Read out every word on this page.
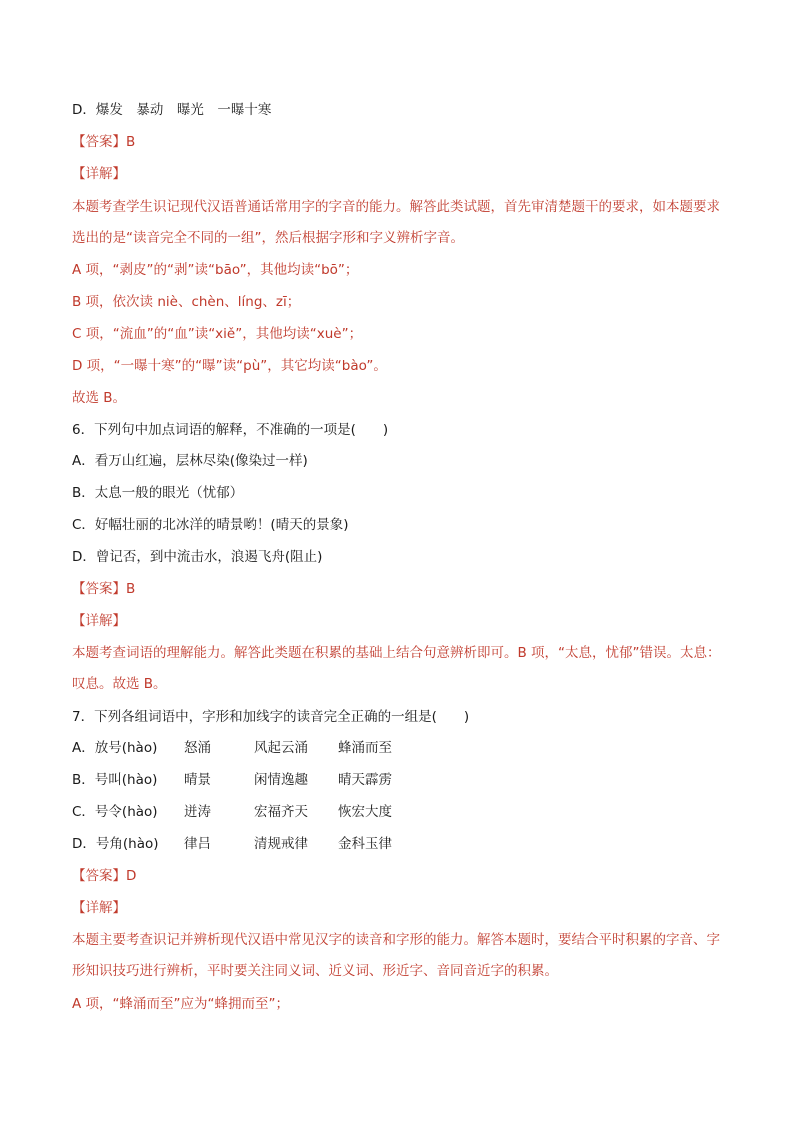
D．爆发　暴动　曝光　一曝十寒
【答案】B
【详解】
本题考查学生识记现代汉语普通话常用字的字音的能力。解答此类试题，首先审清楚题干的要求，如本题要求选出的是“读音完全不同的一组”，然后根据字形和字义辨析字音。
A 项，“剥皮”的“剥”读“bāo”，其他均读“bō”；
B 项，依次读 niè、chèn、líng、zī；
C 项，“流血”的“血”读“xiě”，其他均读“xuè”；
D 项，“一曝十寒”的“曝”读“pù”，其它均读“bào”。
故选 B。
6．下列句中加点词语的解释，不准确的一项是(　　)
A．看万山红遍，层林尽染(像染过一样)
B．太息一般的眼光（忧郁）
C．好幅壮丽的北冰洋的晴景哟！(晴天的景象)
D．曾记否，到中流击水，浪遏飞舟(阻止)
【答案】B
【详解】
本题考查词语的理解能力。解答此类题在积累的基础上结合句意辨析即可。B 项，“太息，忧郁”错误。太息：叹息。故选 B。
7．下列各组词语中，字形和加线字的读音完全正确的一组是(　　)
A．放号(hào) 怒涌	风起云涌 蜂涌而至
B．号叫(hào) 晴景	闲情逸趣 晴天霹雳
C．号令(hào) 迸涛	宏福齐天 恢宏大度
D．号角(hào) 律吕	清规戒律 金科玉律
【答案】D
【详解】
本题主要考查识记并辨析现代汉语中常见汉字的读音和字形的能力。解答本题时，要结合平时积累的字音、字形知识技巧进行辨析，平时要关注同义词、近义词、形近字、音同音近字的积累。
A 项，“蜂涌而至”应为“蜂拥而至”；
